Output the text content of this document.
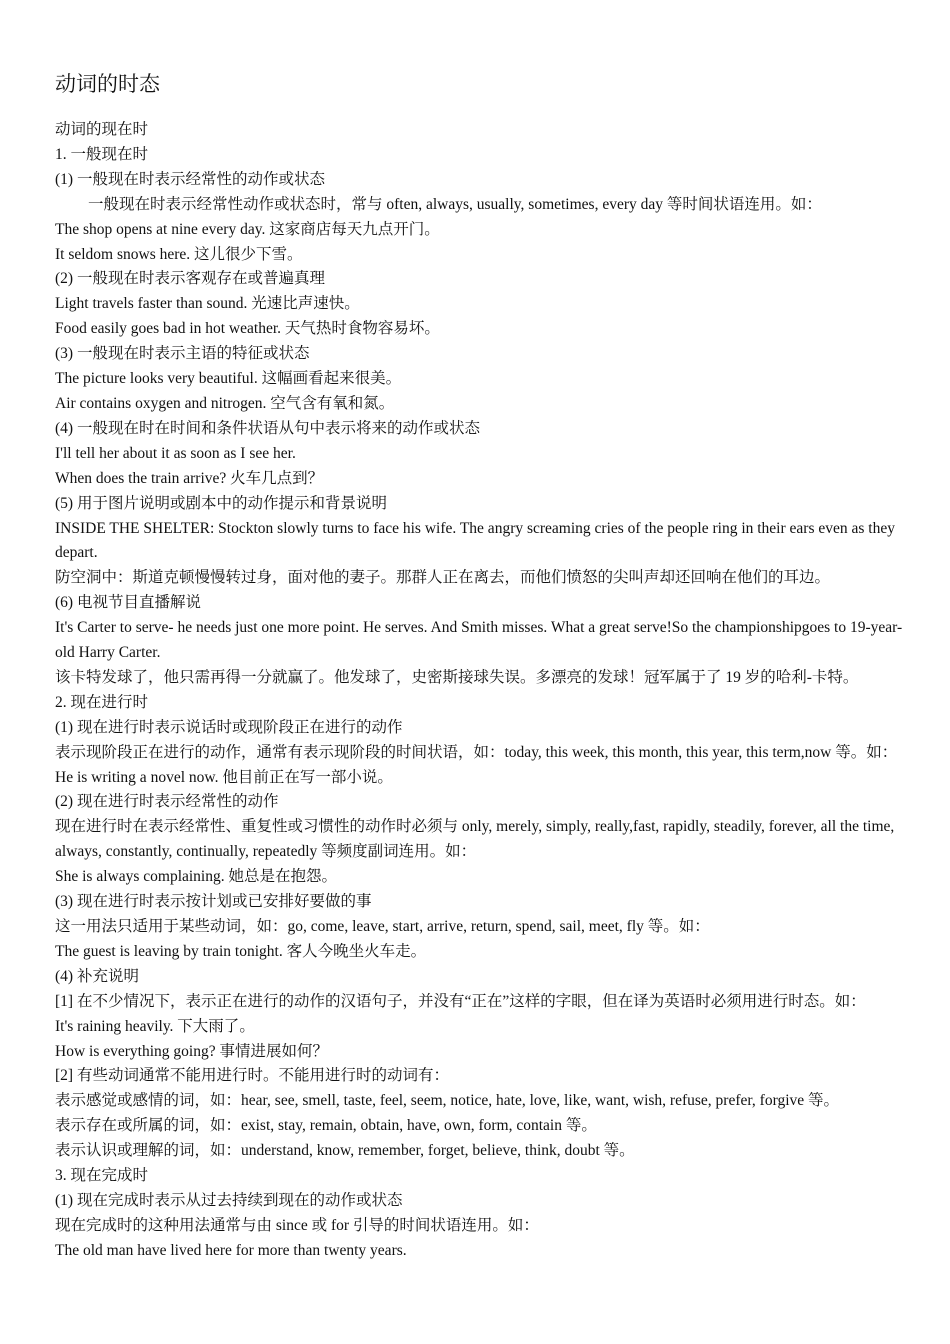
动词的时态

动词的现在时

1. 一般现在时

(1) 一般现在时表示经常性的动作或状态

一般现在时表示经常性动作或状态时，常与 often, always, usually, sometimes, every day 等时间状语连用。如：

The shop opens at nine every day. 这家商店每天九点开门。

It seldom snows here. 这儿很少下雪。

(2) 一般现在时表示客观存在或普遍真理

Light travels faster than sound. 光速比声速快。

Food easily goes bad in hot weather. 天气热时食物容易坏。

(3) 一般现在时表示主语的特征或状态

The picture looks very beautiful. 这幅画看起来很美。

Air contains oxygen and nitrogen. 空气含有氧和氮。

(4) 一般现在时在时间和条件状语从句中表示将来的动作或状态

I'll tell her about it as soon as I see her.

When does the train arrive? 火车几点到？

(5) 用于图片说明或剧本中的动作提示和背景说明

INSIDE THE SHELTER: Stockton slowly turns to face his wife. The angry screaming cries of the people ring in their ears even as they depart.

防空洞中：斯道克顿慢慢转过身，面对他的妻子。那群人正在离去，而他们愤怒的尖叫声却还回响在他们的耳边。

(6) 电视节目直播解说

It's Carter to serve- he needs just one more point. He serves. And Smith misses. What a great serve!So the championshipgoes to 19-year-old Harry Carter.

该卡特发球了，他只需再得一分就赢了。他发球了，史密斯接球失误。多漂亮的发球！冠军属于了 19 岁的哈利-卡特。

2. 现在进行时

(1) 现在进行时表示说话时或现阶段正在进行的动作

表示现阶段正在进行的动作，通常有表示现阶段的时间状语，如：today, this week, this month, this year, this term,now 等。如：

He is writing a novel now. 他目前正在写一部小说。

(2) 现在进行时表示经常性的动作

现在进行时在表示经常性、重复性或习惯性的动作时必须与 only, merely, simply, really,fast, rapidly, steadily, forever, all the time, always, constantly, continually, repeatedly 等频度副词连用。如：

She is always complaining. 她总是在抱怨。

(3) 现在进行时表示按计划或已安排好要做的事

这一用法只适用于某些动词，如：go, come, leave, start, arrive, return, spend, sail, meet, fly 等。如：

The guest is leaving by train tonight. 客人今晚坐火车走。

(4) 补充说明

[1] 在不少情况下，表示正在进行的动作的汉语句子，并没有“正在”这样的字眼，但在译为英语时必须用进行时态。如：

It's raining heavily. 下大雨了。

How is everything going? 事情进展如何？

[2] 有些动词通常不能用进行时。不能用进行时的动词有：

表示感觉或感情的词，如：hear, see, smell, taste, feel, seem, notice, hate, love, like, want, wish, refuse, prefer, forgive 等。

表示存在或所属的词，如：exist, stay, remain, obtain, have, own, form, contain 等。

表示认识或理解的词，如：understand, know, remember, forget, believe, think, doubt 等。

3. 现在完成时

(1) 现在完成时表示从过去持续到现在的动作或状态

现在完成时的这种用法通常与由 since 或 for 引导的时间状语连用。如：

The old man have lived here for more than twenty years.
